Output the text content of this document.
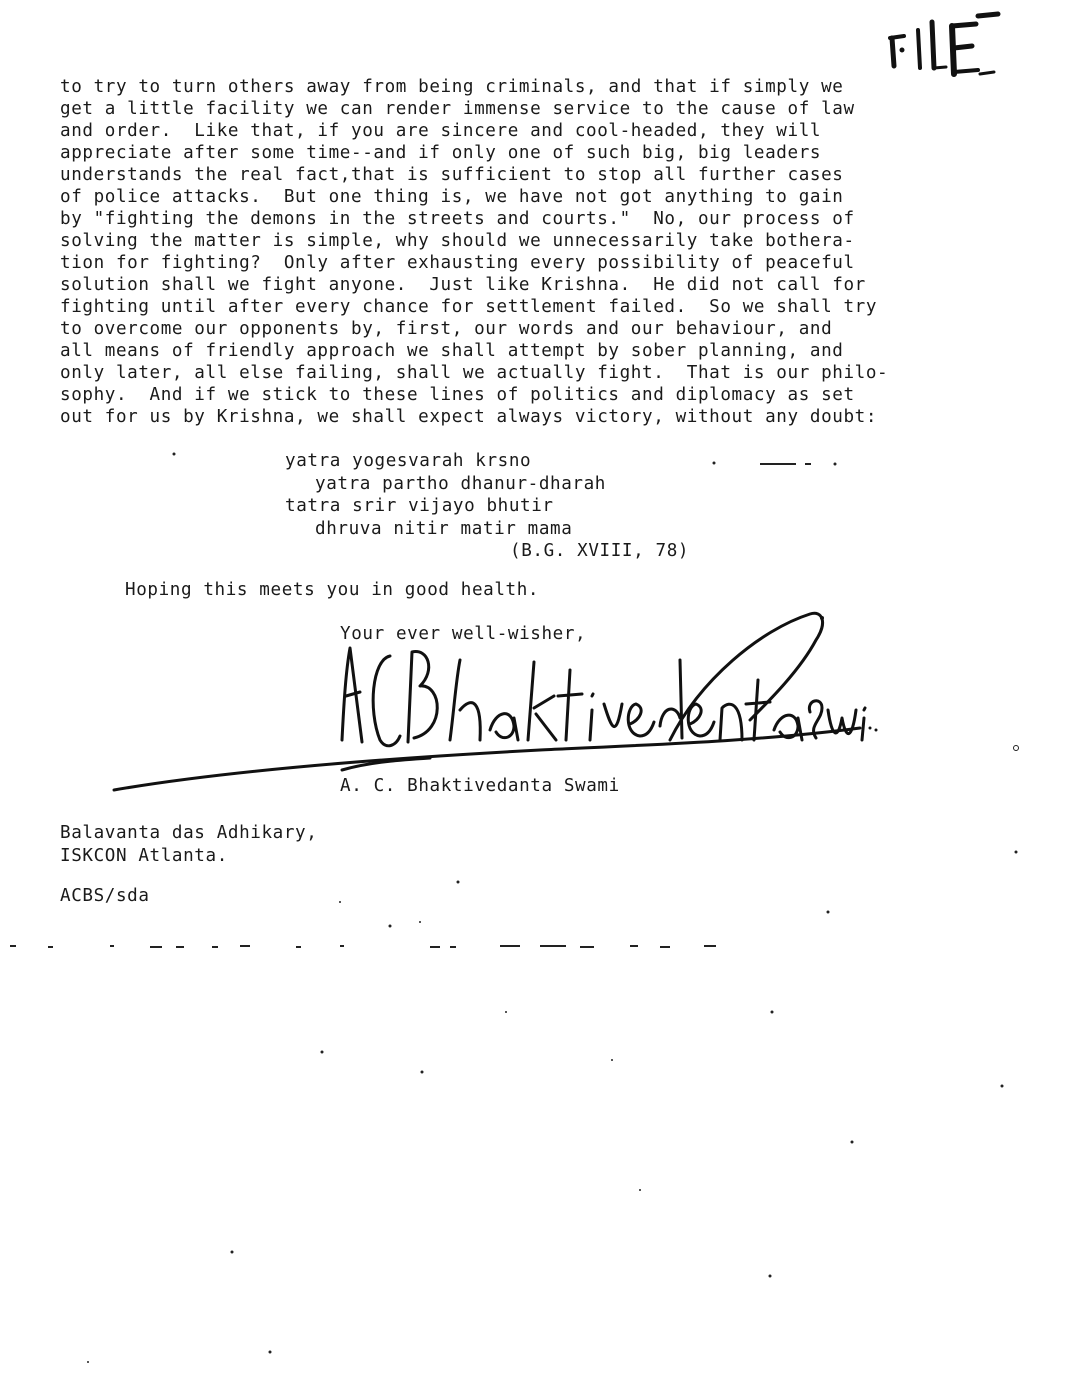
to try to turn others away from being criminals, and that if simply we
get a little facility we can render immense service to the cause of law
and order.  Like that, if you are sincere and cool-headed, they will
appreciate after some time--and if only one of such big, big leaders
understands the real fact,that is sufficient to stop all further cases
of police attacks.  But one thing is, we have not got anything to gain
by "fighting the demons in the streets and courts."  No, our process of
solving the matter is simple, why should we unnecessarily take bothera-
tion for fighting?  Only after exhausting every possibility of peaceful
solution shall we fight anyone.  Just like Krishna.  He did not call for
fighting until after every chance for settlement failed.  So we shall try
to overcome our opponents by, first, our words and our behaviour, and
all means of friendly approach we shall attempt by sober planning, and
only later, all else failing, shall we actually fight.  That is our philo-
sophy.  And if we stick to these lines of politics and diplomacy as set
out for us by Krishna, we shall expect always victory, without any doubt:
yatra yogesvarah krsno
yatra partho dhanur-dharah
tatra srir vijayo bhutir
dhruva nitir matir mama
(B.G. XVIII, 78)
Hoping this meets you in good health.
Your ever well-wisher,
A. C. Bhaktivedanta Swami
Balavanta das Adhikary,
ISKCON Atlanta.
ACBS/sda
